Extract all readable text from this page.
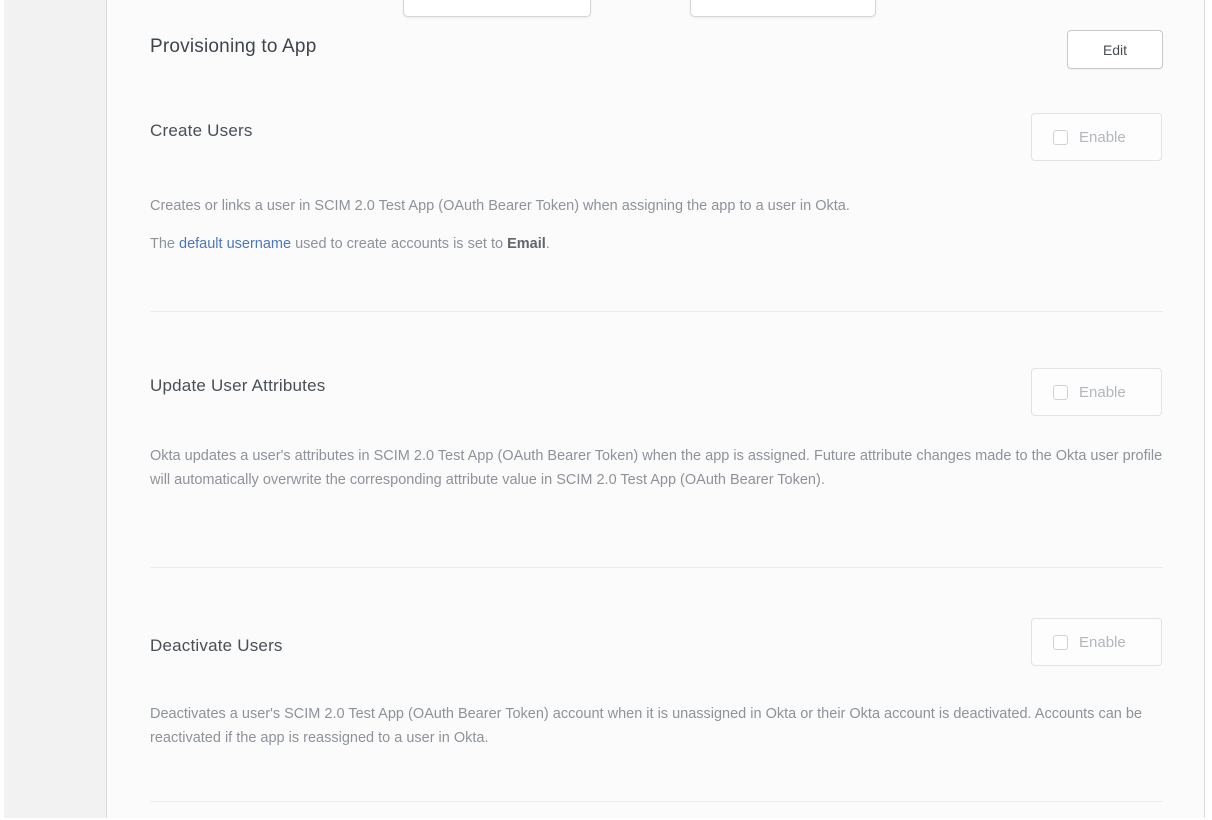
Provisioning to App	Edit
Create Users	Enable

Creates or links a user in SCIM 2.0 Test App (OAuth Bearer Token) when assigning the app to a user in Okta.

The default username used to create accounts is set to Email.

Update User Attributes	Enable

Okta updates a user's attributes in SCIM 2.0 Test App (OAuth Bearer Token) when the app is assigned. Future attribute changes made to the Okta user profile will automatically overwrite the corresponding attribute value in SCIM 2.0 Test App (OAuth Bearer Token).

Deactivate Users	Enable

Deactivates a user's SCIM 2.0 Test App (OAuth Bearer Token) account when it is unassigned in Okta or their Okta account is deactivated. Accounts can be reactivated if the app is reassigned to a user in Okta.
